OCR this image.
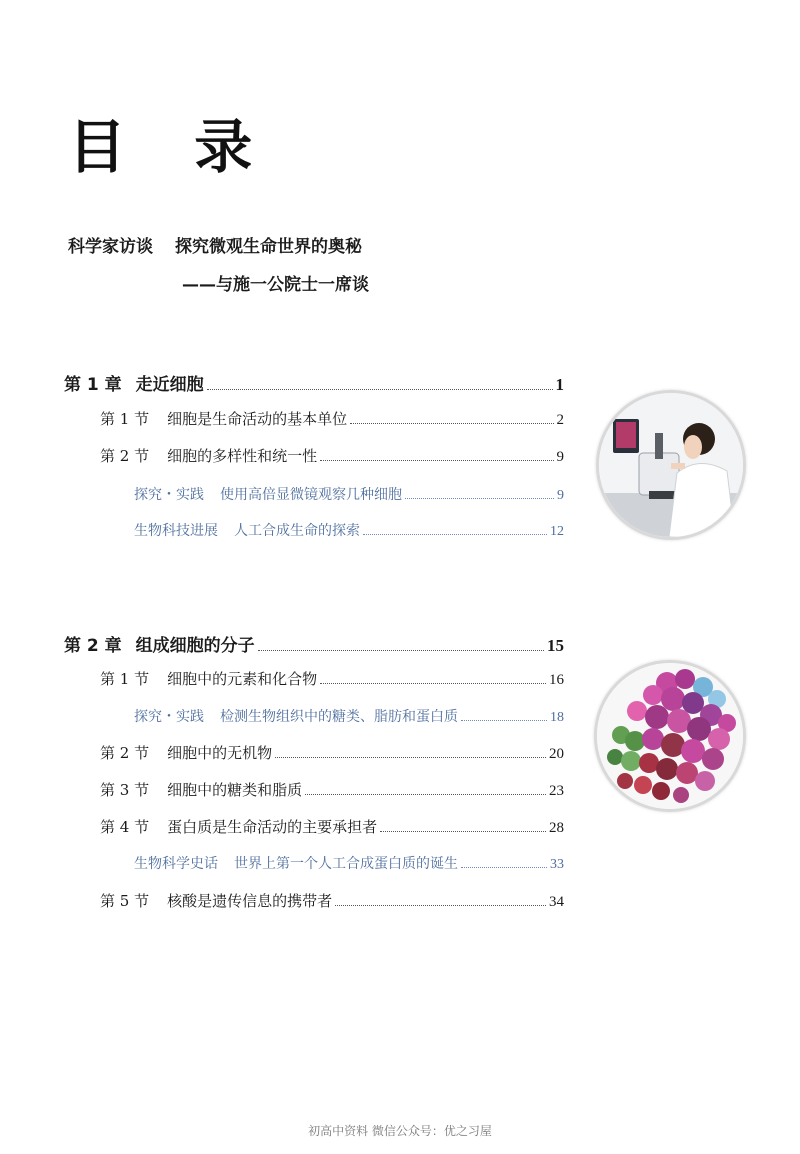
目 录
科学家访谈 探究微观生命世界的奥秘
——与施一公院士一席谈
第 1 章 走近细胞	1
第 1 节 细胞是生命活动的基本单位	2
第 2 节 细胞的多样性和统一性	9
探究・实践 使用高倍显微镜观察几种细胞	9
生物科技进展 人工合成生命的探索	12
第 2 章 组成细胞的分子	15
第 1 节 细胞中的元素和化合物	16
探究・实践 检测生物组织中的糖类、脂肪和蛋白质	18
第 2 节 细胞中的无机物	20
第 3 节 细胞中的糖类和脂质	23
第 4 节 蛋白质是生命活动的主要承担者	28
生物科学史话 世界上第一个人工合成蛋白质的诞生	33
第 5 节 核酸是遗传信息的携带者	34
初高中资料 微信公众号：优之习屋
